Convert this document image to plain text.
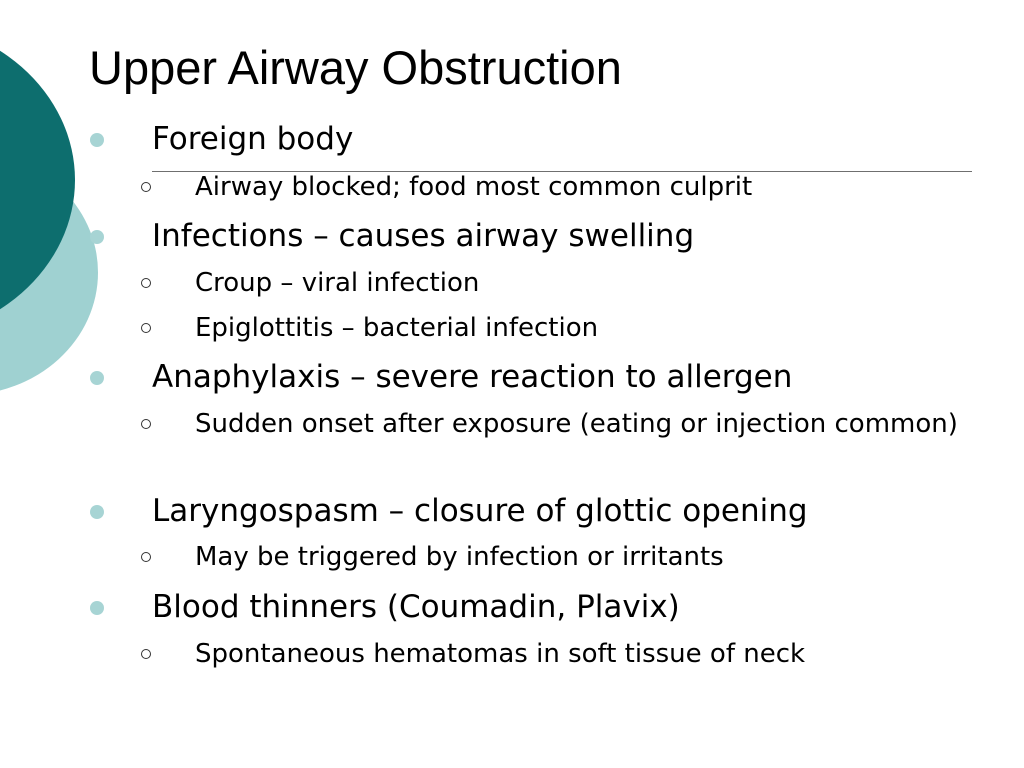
Upper Airway Obstruction
Foreign body
Airway blocked; food most common culprit
Infections – causes airway swelling
Croup – viral infection
Epiglottitis – bacterial infection
Anaphylaxis – severe reaction to allergen
Sudden onset after exposure (eating or injection common)
Laryngospasm – closure of glottic opening
May be triggered by infection or irritants
Blood thinners (Coumadin, Plavix)
Spontaneous hematomas in soft tissue of neck
